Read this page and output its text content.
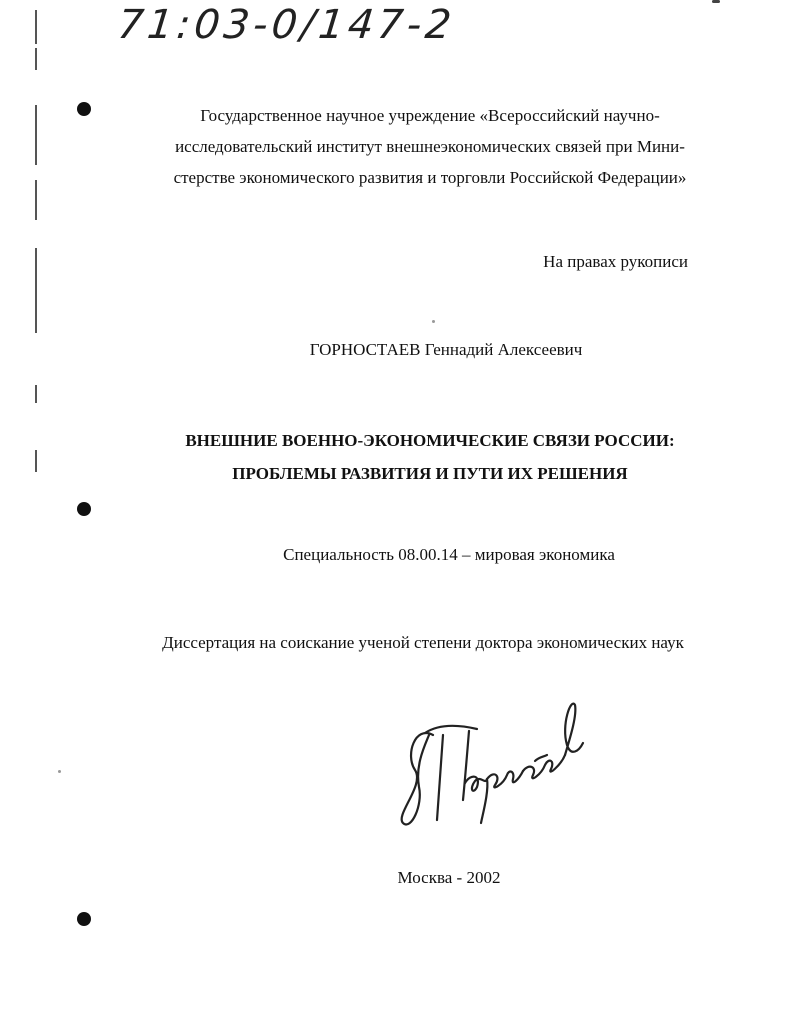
71:03-0/147-2
Государственное научное учреждение «Всероссийский научно-
исследовательский институт внешнеэкономических связей при Мини-
стерстве экономического развития и торговли Российской Федерации»
На правах рукописи
ГОРНОСТАЕВ Геннадий Алексеевич
ВНЕШНИЕ ВОЕННО-ЭКОНОМИЧЕСКИЕ СВЯЗИ РОССИИ:
ПРОБЛЕМЫ РАЗВИТИЯ И ПУТИ ИХ РЕШЕНИЯ
Специальность 08.00.14 – мировая экономика
Диссертация на соискание ученой степени доктора экономических наук
Москва - 2002
